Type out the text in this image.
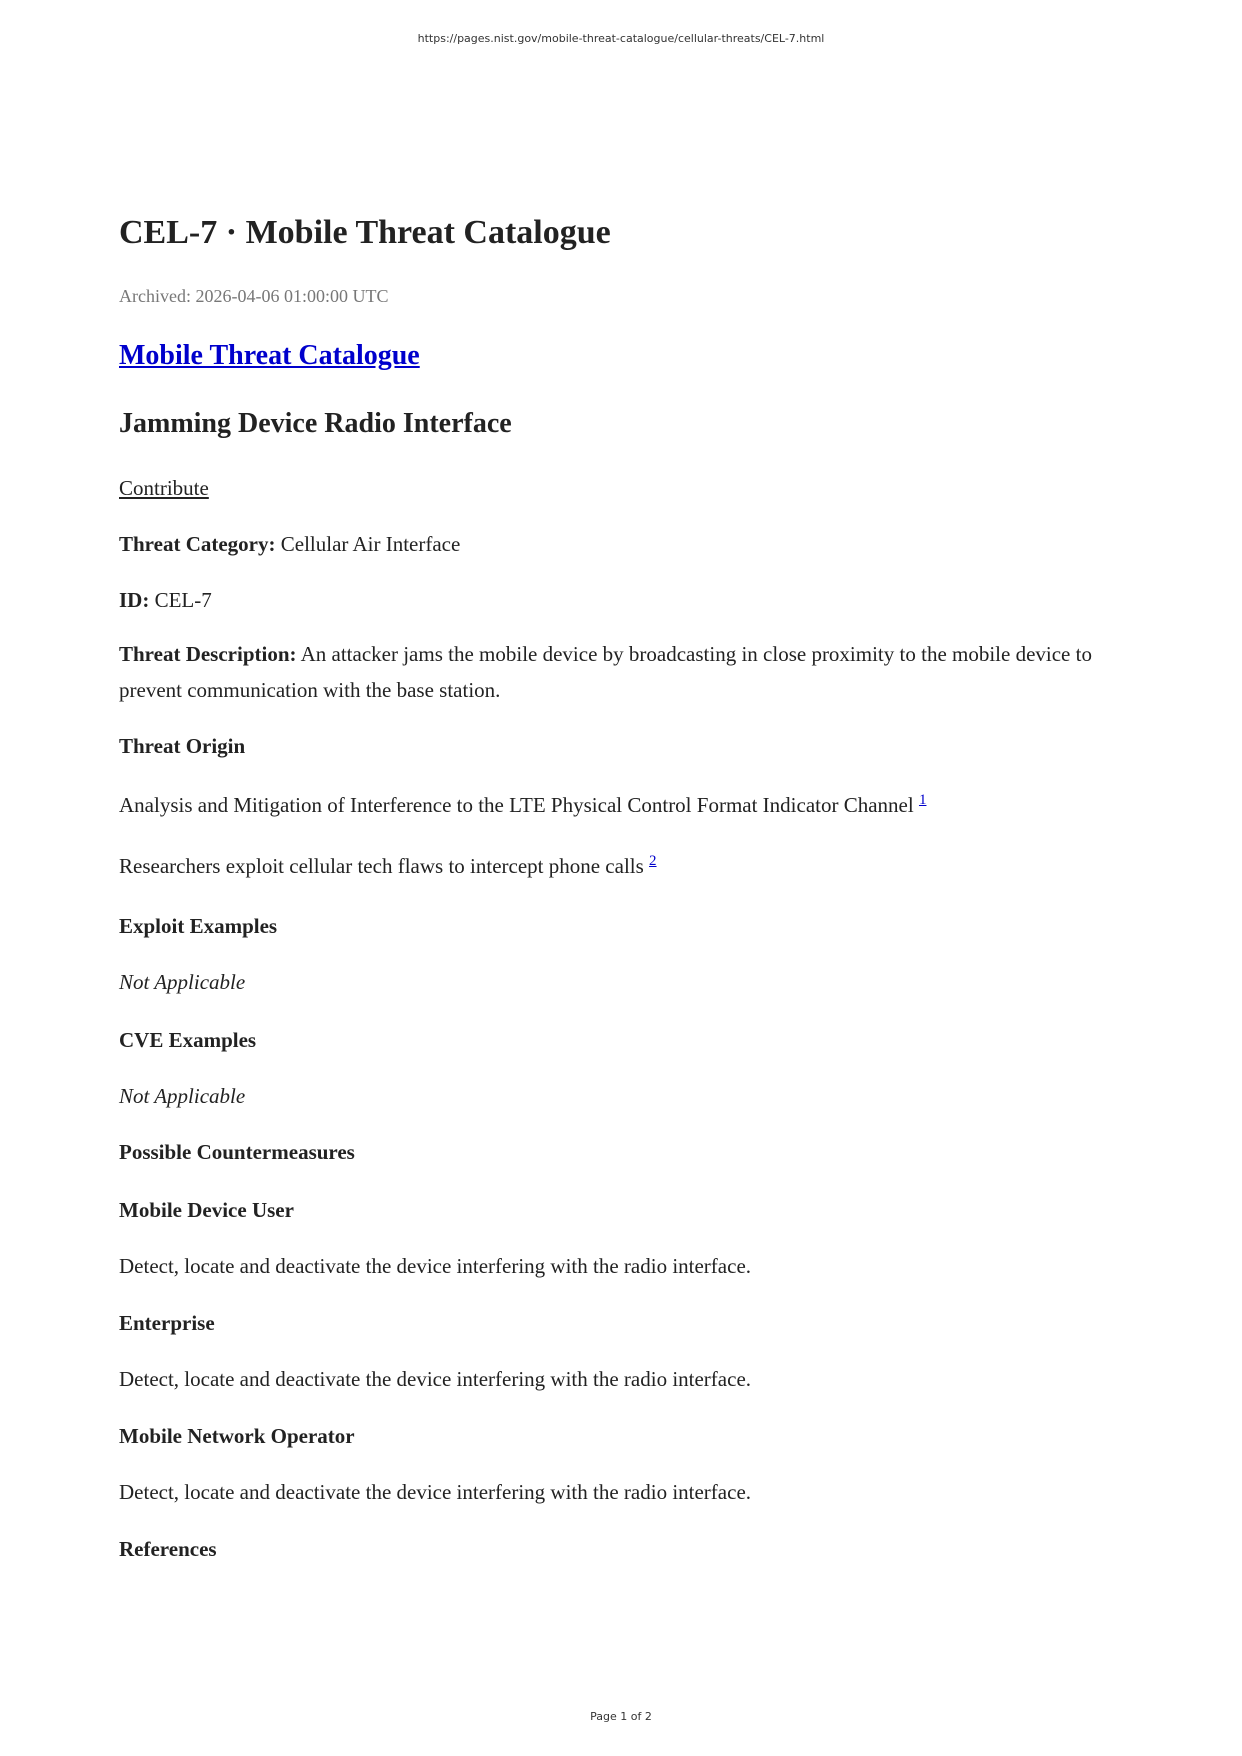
https://pages.nist.gov/mobile-threat-catalogue/cellular-threats/CEL-7.html
CEL-7 · Mobile Threat Catalogue
Archived: 2026-04-06 01:00:00 UTC
Mobile Threat Catalogue
Jamming Device Radio Interface
Contribute
Threat Category: Cellular Air Interface
ID: CEL-7
Threat Description: An attacker jams the mobile device by broadcasting in close proximity to the mobile device to prevent communication with the base station.
Threat Origin
Analysis and Mitigation of Interference to the LTE Physical Control Format Indicator Channel $^1$
Researchers exploit cellular tech flaws to intercept phone calls $^2$
Exploit Examples
Not Applicable
CVE Examples
Not Applicable
Possible Countermeasures
Mobile Device User
Detect, locate and deactivate the device interfering with the radio interface.
Enterprise
Detect, locate and deactivate the device interfering with the radio interface.
Mobile Network Operator
Detect, locate and deactivate the device interfering with the radio interface.
References
Page 1 of 2
